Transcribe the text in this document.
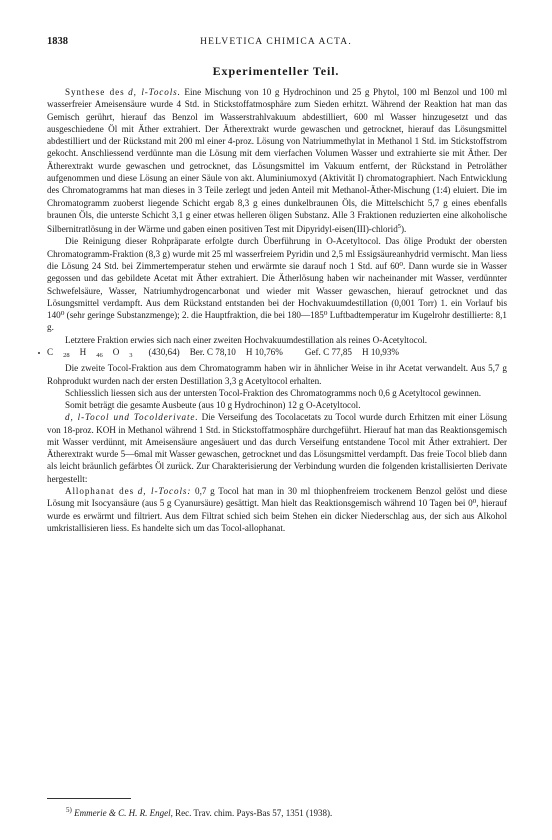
1838	HELVETICA CHIMICA ACTA.
Experimenteller Teil.

Synthese des d, l-Tocols. Eine Mischung von 10 g Hydrochinon und 25 g Phytol, 100 ml Benzol und 100 ml wasserfreier Ameisensäure wurde 4 Std. in Stickstoffatmosphäre zum Sieden erhitzt. Während der Reaktion hat man das Gemisch gerührt, hierauf das Benzol im Wasserstrahlvakuum abdestilliert, 600 ml Wasser hinzugesetzt und das ausgeschiedene Öl mit Äther extrahiert. Der Ätherextrakt wurde gewaschen und getrocknet, hierauf das Lösungsmittel abdestilliert und der Rückstand mit 200 ml einer 4-proz. Lösung von Natriummethylat in Methanol 1 Std. im Stickstoffstrom gekocht. Anschliessend verdünnte man die Lösung mit dem vierfachen Volumen Wasser und extrahierte sie mit Äther. Der Ätherextrakt wurde gewaschen und getrocknet, das Lösungsmittel im Vakuum entfernt, der Rückstand in Petroläther aufgenommen und diese Lösung an einer Säule von akt. Aluminiumoxyd (Aktivität I) chromatographiert. Nach Entwicklung des Chromatogramms hat man dieses in 3 Teile zerlegt und jeden Anteil mit Methanol-Äther-Mischung (1:4) eluiert. Die im Chromatogramm zuoberst liegende Schicht ergab 8,3 g eines dunkelbraunen Öls, die Mittelschicht 5,7 g eines ebenfalls braunen Öls, die unterste Schicht 3,1 g einer etwas helleren öligen Substanz. Alle 3 Fraktionen reduzierten eine alkoholische Silbernitratlösung in der Wärme und gaben einen positiven Test mit Dipyridyl-eisen(III)-chlorid$^5$).

Die Reinigung dieser Rohpräparate erfolgte durch Überführung in O-Acetyltocol. Das ölige Produkt der obersten Chromatogramm-Fraktion (8,3 g) wurde mit 25 ml wasserfreiem Pyridin und 2,5 ml Essigsäureanhydrid vermischt. Man liess die Lösung 24 Std. bei Zimmertemperatur stehen und erwärmte sie darauf noch 1 Std. auf 60⁰. Dann wurde sie in Wasser gegossen und das gebildete Acetat mit Äther extrahiert. Die Ätherlösung haben wir nacheinander mit Wasser, verdünnter Schwefelsäure, Wasser, Natriumhydrogencarbonat und wieder mit Wasser gewaschen, hierauf getrocknet und das Lösungsmittel verdampft. Aus dem Rückstand entstanden bei der Hochvakuumdestillation (0,001 Torr) 1. ein Vorlauf bis 140⁰ (sehr geringe Substanzmenge); 2. die Hauptfraktion, die bei 180—185⁰ Luftbadtemperatur im Kugelrohr destillierte: 8,1 g.

Letztere Fraktion erwies sich nach einer zweiten Hochvakuumdestillation als reines O-Acetyltocol.

C $_{28}$ H $_{46}$ O $_3$ (430,64) Ber. C 78,10 H 10,76% Gef. C 77,85 H 10,93%

Die zweite Tocol-Fraktion aus dem Chromatogramm haben wir in ähnlicher Weise in ihr Acetat verwandelt. Aus 5,7 g Rohprodukt wurden nach der ersten Destillation 3,3 g Acetyltocol erhalten.

Schliesslich liessen sich aus der untersten Tocol-Fraktion des Chromatogramms noch 0,6 g Acetyltocol gewinnen.

Somit beträgt die gesamte Ausbeute (aus 10 g Hydrochinon) 12 g O-Acetyltocol.

d, l-Tocol und Tocolderivate. Die Verseifung des Tocolacetats zu Tocol wurde durch Erhitzen mit einer Lösung von 18-proz. KOH in Methanol während 1 Std. in Stickstoffatmosphäre durchgeführt. Hierauf hat man das Reaktionsgemisch mit Wasser verdünnt, mit Ameisensäure angesäuert und das durch Verseifung entstandene Tocol mit Äther extrahiert. Der Ätherextrakt wurde 5—6mal mit Wasser gewaschen, getrocknet und das Lösungsmittel verdampft. Das freie Tocol blieb dann als leicht bräunlich gefärbtes Öl zurück. Zur Charakterisierung der Verbindung wurden die folgenden kristallisierten Derivate hergestellt:

Allophanat des d, l-Tocols: 0,7 g Tocol hat man in 30 ml thiophenfreiem trockenem Benzol gelöst und diese Lösung mit Isocyansäure (aus 5 g Cyanursäure) gesättigt. Man hielt das Reaktionsgemisch während 10 Tagen bei 0⁰, hierauf wurde es erwärmt und filtriert. Aus dem Filtrat schied sich beim Stehen ein dicker Niederschlag aus, der sich aus Alkohol umkristallisieren liess. Es handelte sich um das Tocol-allophanat.

$^{5)}$ Emmerie & C. H. R. Engel, Rec. Trav. chim. Pays-Bas 57, 1351 (1938).
